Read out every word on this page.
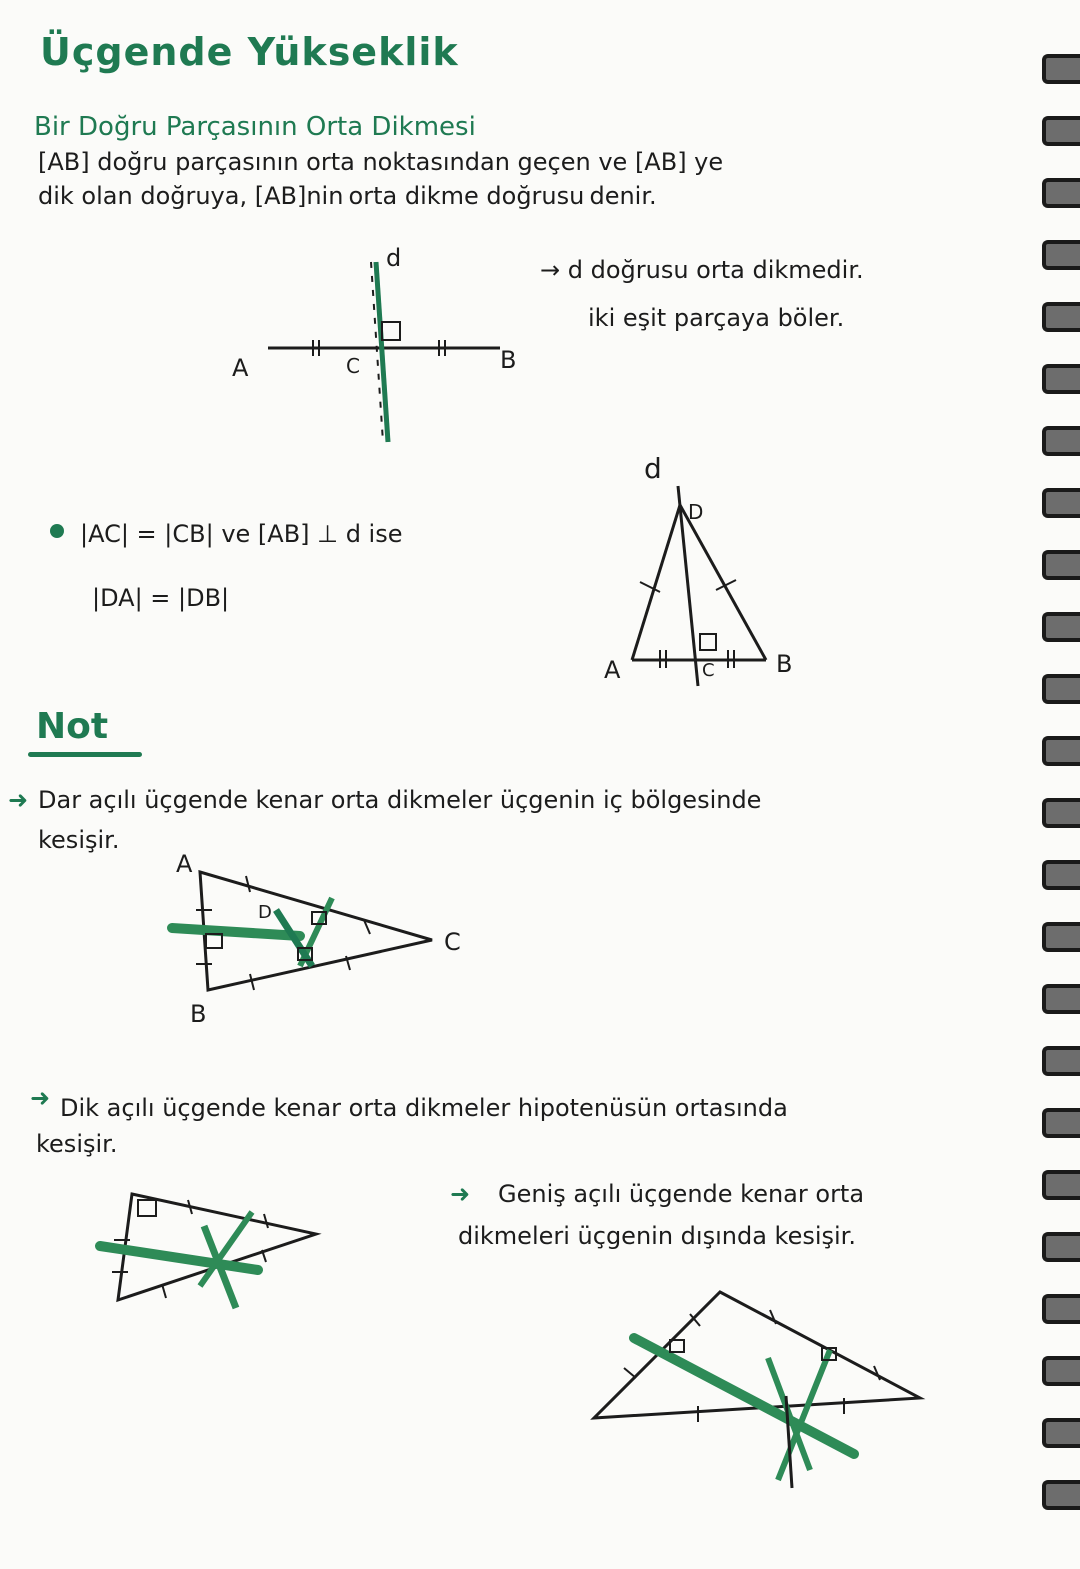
Üçgende Yükseklik
Bir Doğru Parçasının Orta Dikmesi
[AB] doğru parçasının orta noktasından geçen ve [AB] ye
dik olan doğruya, [AB]nin orta dikme doğrusu denir.
d
A	B
C
→ d doğrusu orta dikmedir.
iki eşit parçaya böler.
|AC| = |CB| ve [AB] ⊥ d ise
|DA| = |DB|
d
D
A	C	B
Not
➜ Dar açılı üçgende kenar orta dikmeler üçgenin iç bölgesinde
kesişir.
A
D
C
B
➜ Dik açılı üçgende kenar orta dikmeler hipotenüsün ortasında
kesişir.
➜ Geniş açılı üçgende kenar orta
dikmeleri üçgenin dışında kesişir.
